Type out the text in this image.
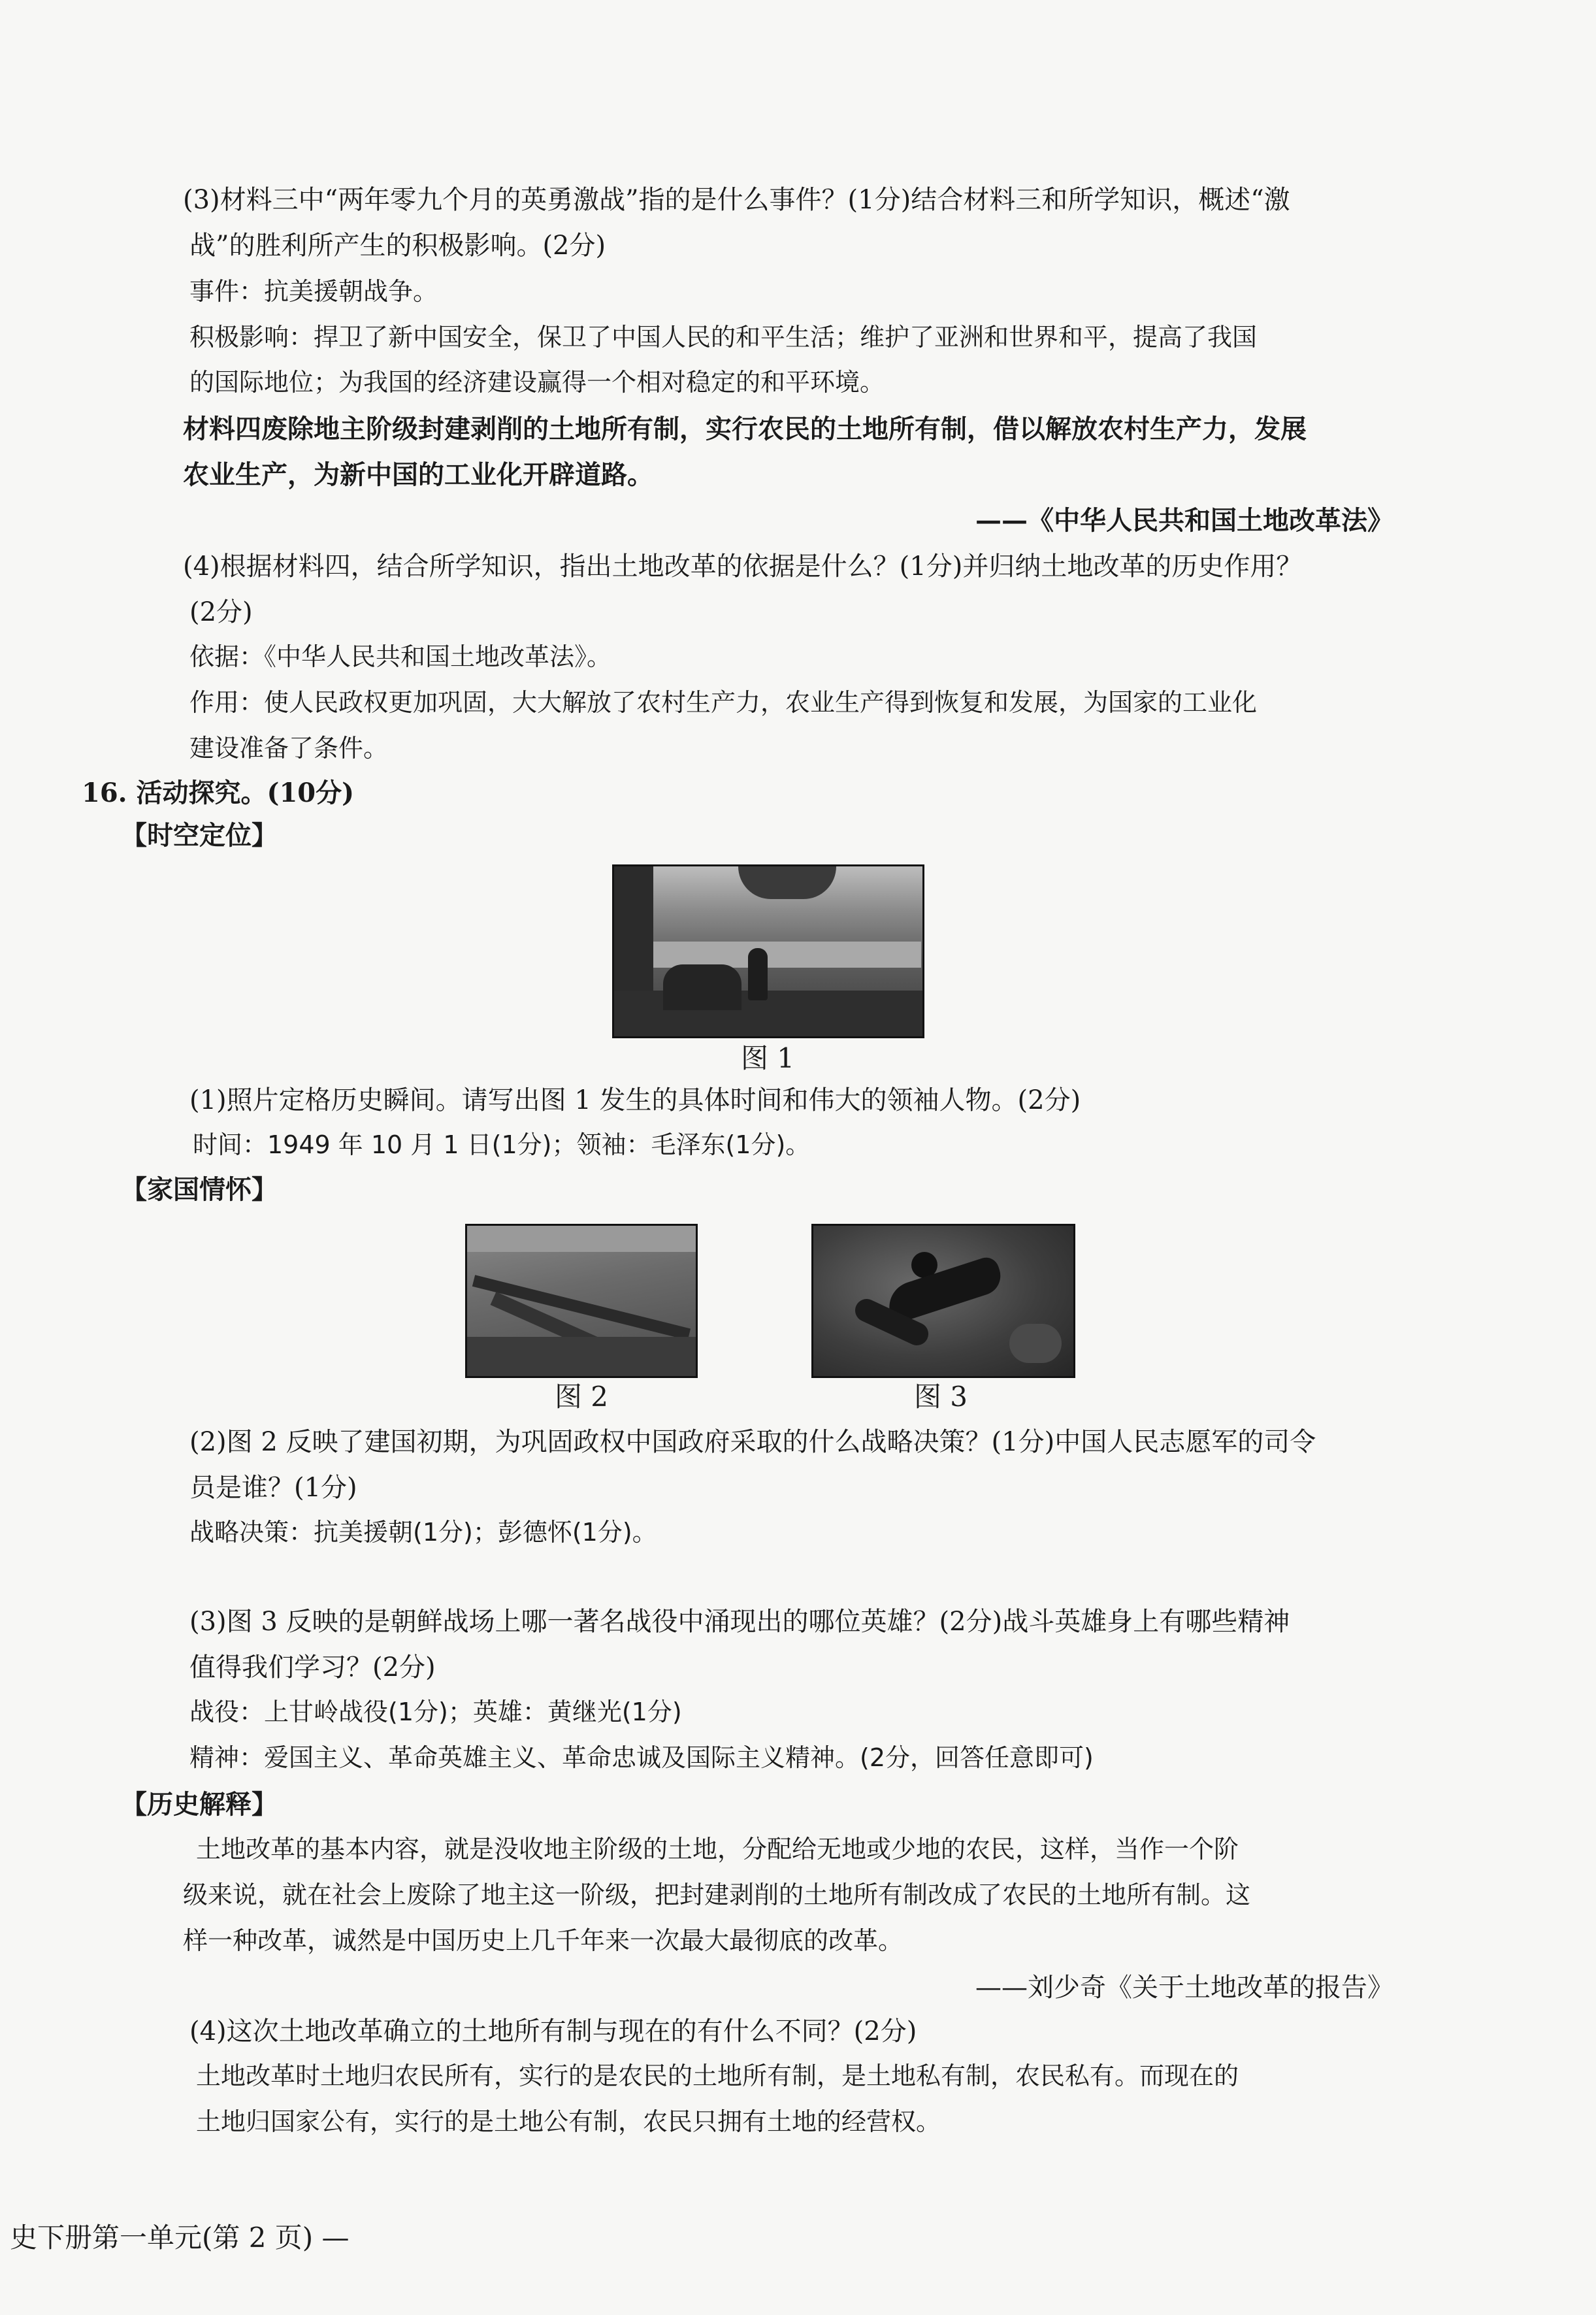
(3)材料三中“两年零九个月的英勇激战”指的是什么事件？(1分)结合材料三和所学知识，概述“激
战”的胜利所产生的积极影响。(2分)
事件：抗美援朝战争。
积极影响：捍卫了新中国安全，保卫了中国人民的和平生活；维护了亚洲和世界和平，提高了我国
的国际地位；为我国的经济建设赢得一个相对稳定的和平环境。
材料四 废除地主阶级封建剥削的土地所有制，实行农民的土地所有制，借以解放农村生产力，发展
农业生产，为新中国的工业化开辟道路。
——《中华人民共和国土地改革法》
(4)根据材料四，结合所学知识，指出土地改革的依据是什么？(1分)并归纳土地改革的历史作用？
(2分)
依据：《中华人民共和国土地改革法》。
作用：使人民政权更加巩固，大大解放了农村生产力，农业生产得到恢复和发展，为国家的工业化
建设准备了条件。
16. 活动探究。(10分)
【时空定位】
图 1
(1)照片定格历史瞬间。请写出图 1 发生的具体时间和伟大的领袖人物。(2分)
时间：1949 年 10 月 1 日(1分)；领袖：毛泽东(1分)。
【家国情怀】
图 2	图 3
(2)图 2 反映了建国初期，为巩固政权中国政府采取的什么战略决策？(1分)中国人民志愿军的司令
员是谁？(1分)
战略决策：抗美援朝(1分)；彭德怀(1分)。
(3)图 3 反映的是朝鲜战场上哪一著名战役中涌现出的哪位英雄？(2分)战斗英雄身上有哪些精神
值得我们学习？(2分)
战役：上甘岭战役(1分)；英雄：黄继光(1分)
精神：爱国主义、革命英雄主义、革命忠诚及国际主义精神。(2分，回答任意即可)
【历史解释】
土地改革的基本内容，就是没收地主阶级的土地，分配给无地或少地的农民，这样，当作一个阶
级来说，就在社会上废除了地主这一阶级，把封建剥削的土地所有制改成了农民的土地所有制。这
样一种改革，诚然是中国历史上几千年来一次最大最彻底的改革。
——刘少奇《关于土地改革的报告》
(4)这次土地改革确立的土地所有制与现在的有什么不同？(2分)
土地改革时土地归农民所有，实行的是农民的土地所有制，是土地私有制，农民私有。而现在的
土地归国家公有，实行的是土地公有制，农民只拥有土地的经营权。
史下册第一单元(第 2 页) —
